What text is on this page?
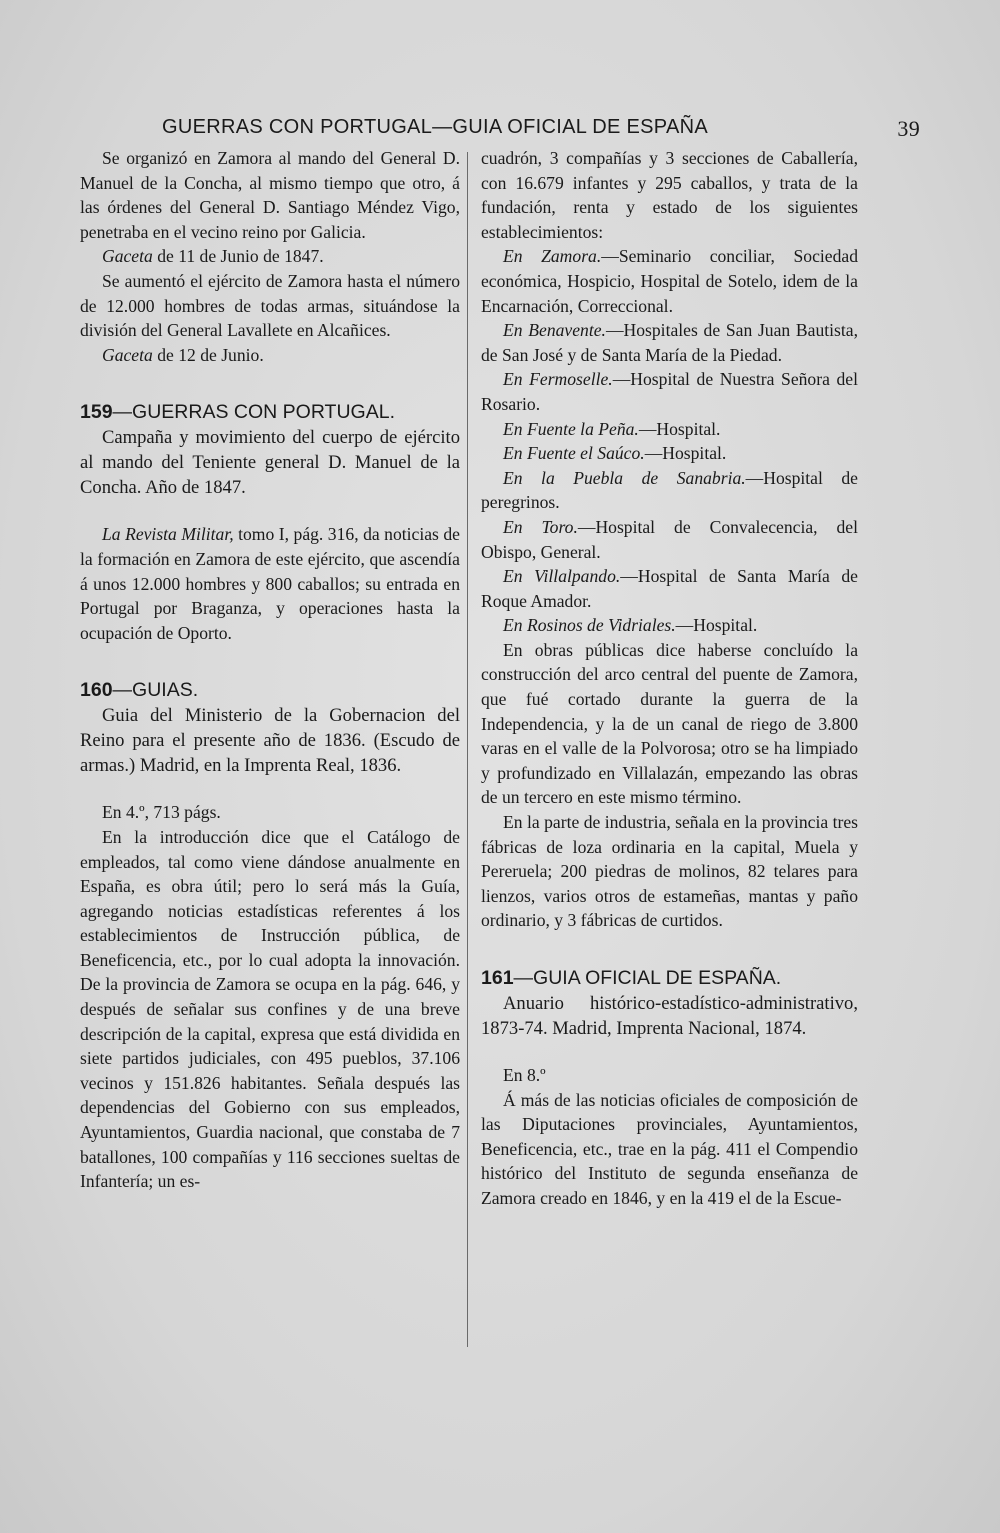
GUERRAS CON PORTUGAL—GUIA OFICIAL DE ESPAÑA	39

Se organizó en Zamora al mando del General D. Manuel de la Concha, al mismo tiempo que otro, á las órdenes del General D. Santiago Méndez Vigo, penetraba en el vecino reino por Galicia.

Gaceta de 11 de Junio de 1847.

Se aumentó el ejército de Zamora hasta el número de 12.000 hombres de todas armas, situándose la división del General Lavallete en Alcañices.

Gaceta de 12 de Junio.

159—GUERRAS CON PORTUGAL.

Campaña y movimiento del cuerpo de ejército al mando del Teniente general D. Manuel de la Concha. Año de 1847.

La Revista Militar, tomo I, pág. 316, da noticias de la formación en Zamora de este ejército, que ascendía á unos 12.000 hombres y 800 caballos; su entrada en Portugal por Braganza, y operaciones hasta la ocupación de Oporto.

160—GUIAS.

Guia del Ministerio de la Gobernacion del Reino para el presente año de 1836. (Escudo de armas.) Madrid, en la Imprenta Real, 1836.

En 4.º, 713 págs.

En la introducción dice que el Catálogo de empleados, tal como viene dándose anualmente en España, es obra útil; pero lo será más la Guía, agregando noticias estadísticas referentes á los establecimientos de Instrucción pública, de Beneficencia, etc., por lo cual adopta la innovación. De la provincia de Zamora se ocupa en la pág. 646, y después de señalar sus confines y de una breve descripción de la capital, expresa que está dividida en siete partidos judiciales, con 495 pueblos, 37.106 vecinos y 151.826 habitantes. Señala después las dependencias del Gobierno con sus empleados, Ayuntamientos, Guardia nacional, que constaba de 7 batallones, 100 compañías y 116 secciones sueltas de Infantería; un es-

cuadrón, 3 compañías y 3 secciones de Caballería, con 16.679 infantes y 295 caballos, y trata de la fundación, renta y estado de los siguientes establecimientos:

En Zamora.—Seminario conciliar, Sociedad económica, Hospicio, Hospital de Sotelo, idem de la Encarnación, Correccional.

En Benavente.—Hospitales de San Juan Bautista, de San José y de Santa María de la Piedad.

En Fermoselle.—Hospital de Nuestra Señora del Rosario.

En Fuente la Peña.—Hospital.

En Fuente el Saúco.—Hospital.

En la Puebla de Sanabria.—Hospital de peregrinos.

En Toro.—Hospital de Convalecencia, del Obispo, General.

En Villalpando.—Hospital de Santa María de Roque Amador.

En Rosinos de Vidriales.—Hospital.

En obras públicas dice haberse concluído la construcción del arco central del puente de Zamora, que fué cortado durante la guerra de la Independencia, y la de un canal de riego de 3.800 varas en el valle de la Polvorosa; otro se ha limpiado y profundizado en Villalazán, empezando las obras de un tercero en este mismo término.

En la parte de industria, señala en la provincia tres fábricas de loza ordinaria en la capital, Muela y Pereruela; 200 piedras de molinos, 82 telares para lienzos, varios otros de estameñas, mantas y paño ordinario, y 3 fábricas de curtidos.

161—GUIA OFICIAL DE ESPAÑA.

Anuario histórico-estadístico-administrativo, 1873-74. Madrid, Imprenta Nacional, 1874.

En 8.º

Á más de las noticias oficiales de composición de las Diputaciones provinciales, Ayuntamientos, Beneficencia, etc., trae en la pág. 411 el Compendio histórico del Instituto de segunda enseñanza de Zamora creado en 1846, y en la 419 el de la Escue-
